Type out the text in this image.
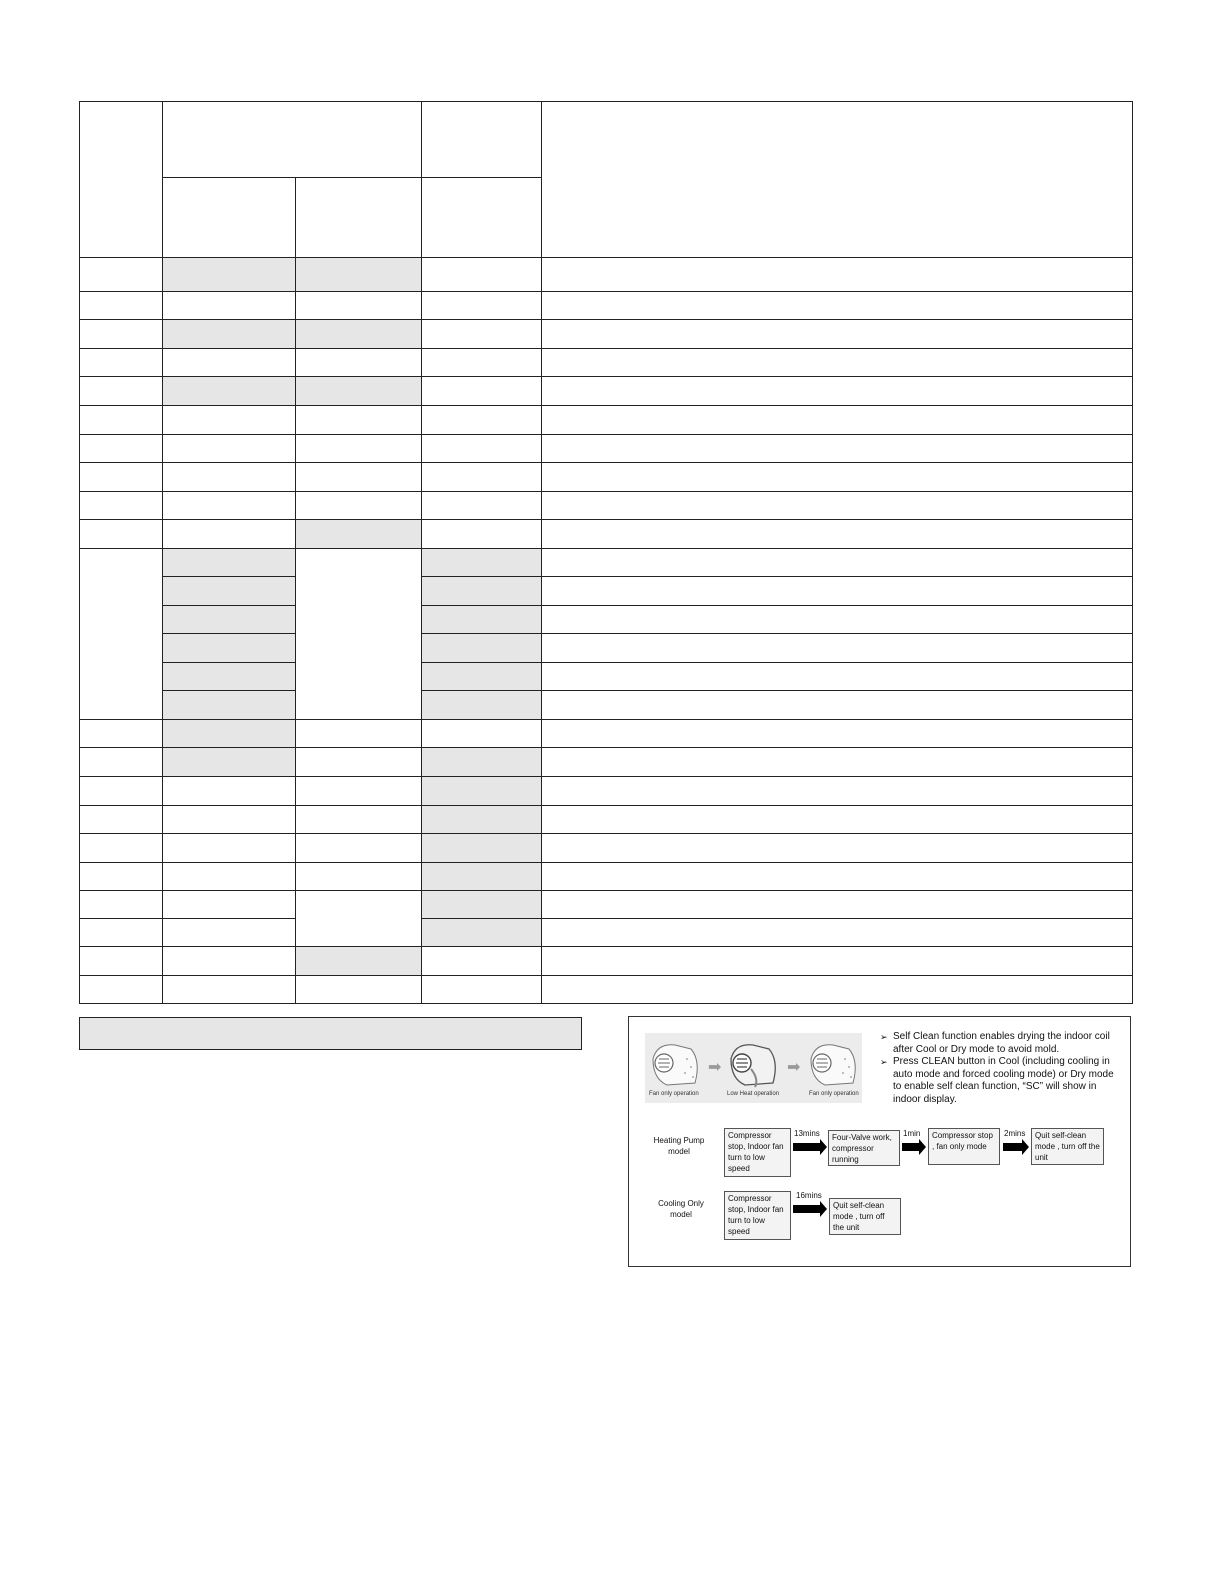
Fan only operation
➡
Low Heat operation
➡
Fan only operation
➢ Self Clean function enables drying the indoor coil after Cool or Dry mode to avoid mold.
➢ Press CLEAN button in Cool (including cooling in auto mode and forced cooling mode) or Dry mode to enable self clean function, “SC” will show in indoor display.
Heating Pump
model
Compressor stop, Indoor fan turn to low speed
13mins	Four-Valve work, compressor running
1min	Compressor stop , fan only mode
2mins	Quit self-clean mode , turn off the unit
Cooling Only
model
Compressor stop, Indoor fan turn to low speed
16mins
Quit self-clean mode , turn off the unit
